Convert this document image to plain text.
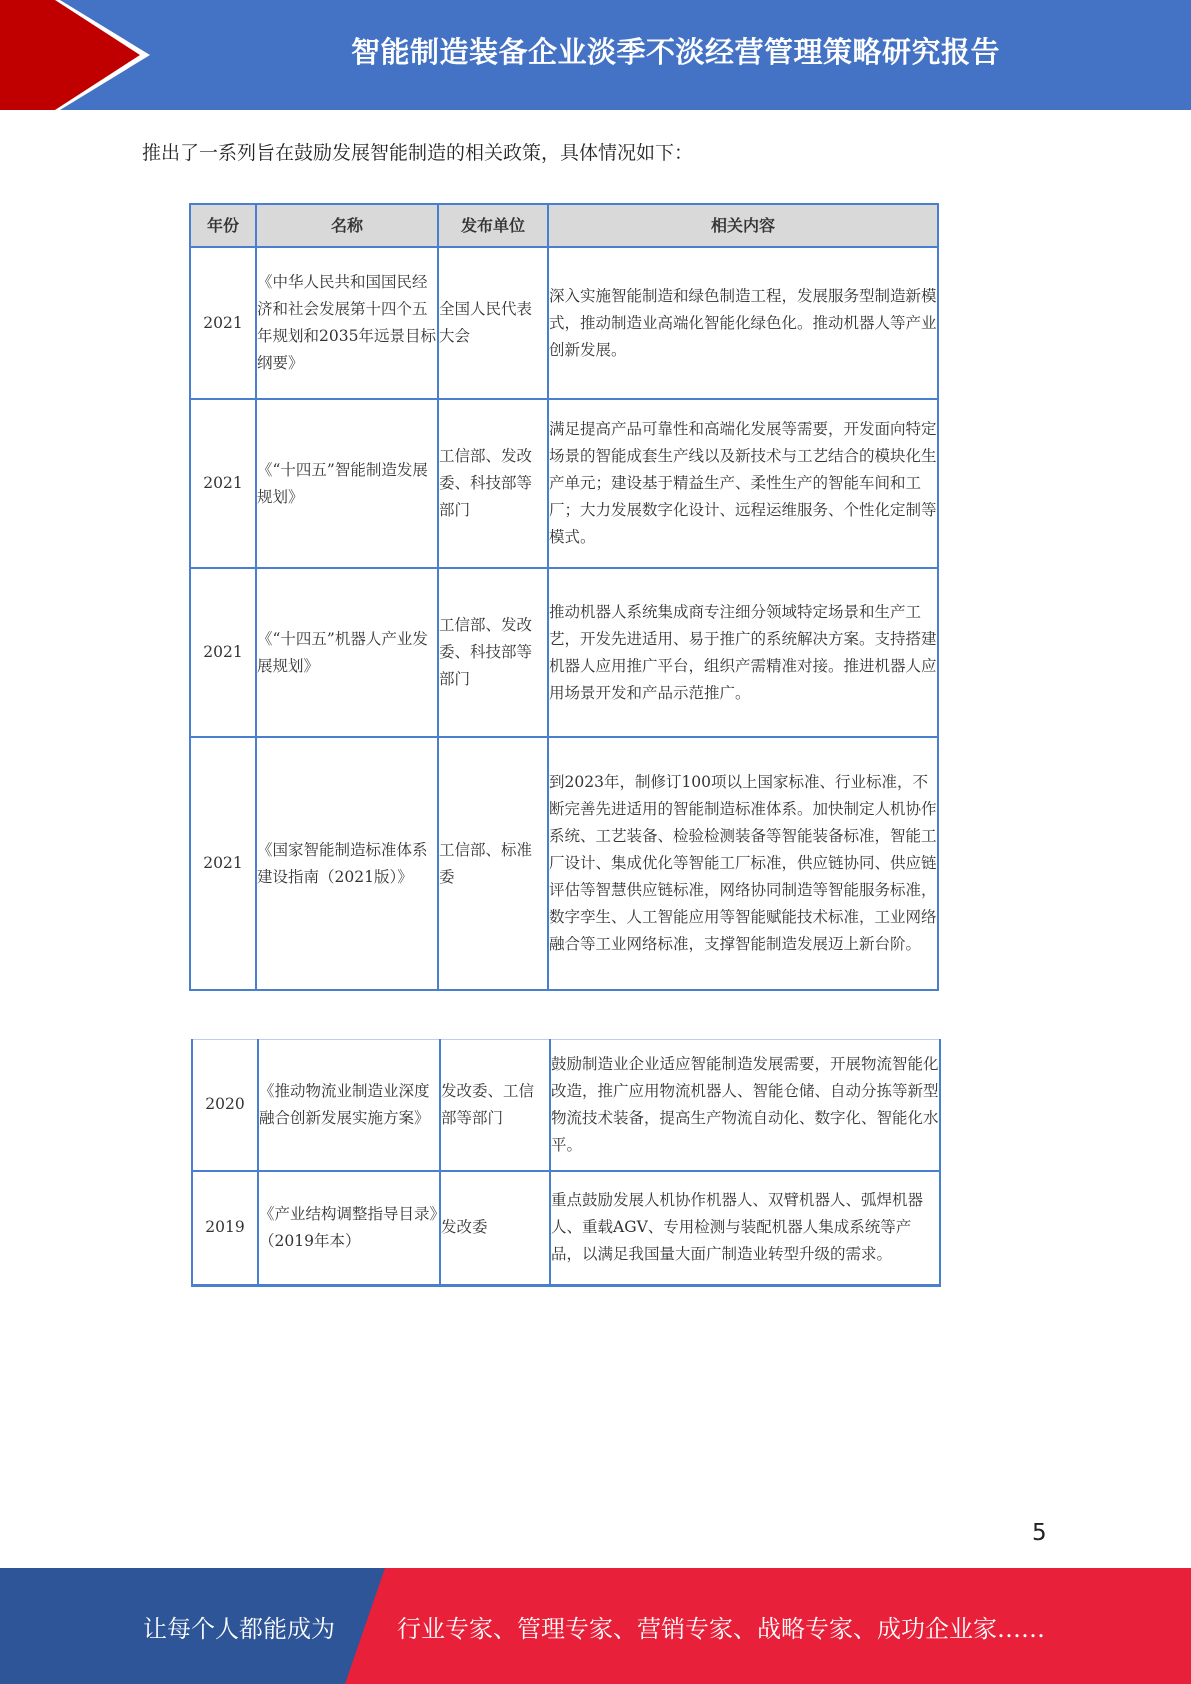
智能制造装备企业淡季不淡经营管理策略研究报告
推出了一系列旨在鼓励发展智能制造的相关政策，具体情况如下：
年份	名称	发布单位	相关内容
2021	《中华人民共和国国民经济和社会发展第十四个五年规划和2035年远景目标纲要》	全国人民代表大会	深入实施智能制造和绿色制造工程，发展服务型制造新模式，推动制造业高端化智能化绿色化。推动机器人等产业创新发展。
2021	《“十四五”智能制造发展规划》	工信部、发改委、科技部等部门	满足提高产品可靠性和高端化发展等需要，开发面向特定场景的智能成套生产线以及新技术与工艺结合的模块化生产单元；建设基于精益生产、柔性生产的智能车间和工厂；大力发展数字化设计、远程运维服务、个性化定制等模式。
2021	《“十四五”机器人产业发展规划》	工信部、发改委、科技部等部门	推动机器人系统集成商专注细分领域特定场景和生产工艺，开发先进适用、易于推广的系统解决方案。支持搭建机器人应用推广平台，组织产需精准对接。推进机器人应用场景开发和产品示范推广。
2021	《国家智能制造标准体系建设指南（2021版）》	工信部、标准委	到2023年，制修订100项以上国家标准、行业标准，不断完善先进适用的智能制造标准体系。加快制定人机协作系统、工艺装备、检验检测装备等智能装备标准，智能工厂设计、集成优化等智能工厂标准，供应链协同、供应链评估等智慧供应链标准，网络协同制造等智能服务标准，数字孪生、人工智能应用等智能赋能技术标准，工业网络融合等工业网络标准，支撑智能制造发展迈上新台阶。
2020	《推动物流业制造业深度融合创新发展实施方案》	发改委、工信部等部门	鼓励制造业企业适应智能制造发展需要，开展物流智能化改造，推广应用物流机器人、智能仓储、自动分拣等新型物流技术装备，提高生产物流自动化、数字化、智能化水平。
2019	《产业结构调整指导目录》（2019年本）	发改委	重点鼓励发展人机协作机器人、双臂机器人、弧焊机器人、重载AGV、专用检测与装配机器人集成系统等产品，以满足我国量大面广制造业转型升级的需求。
5
让每个人都能成为	行业专家、管理专家、营销专家、战略专家、成功企业家……
